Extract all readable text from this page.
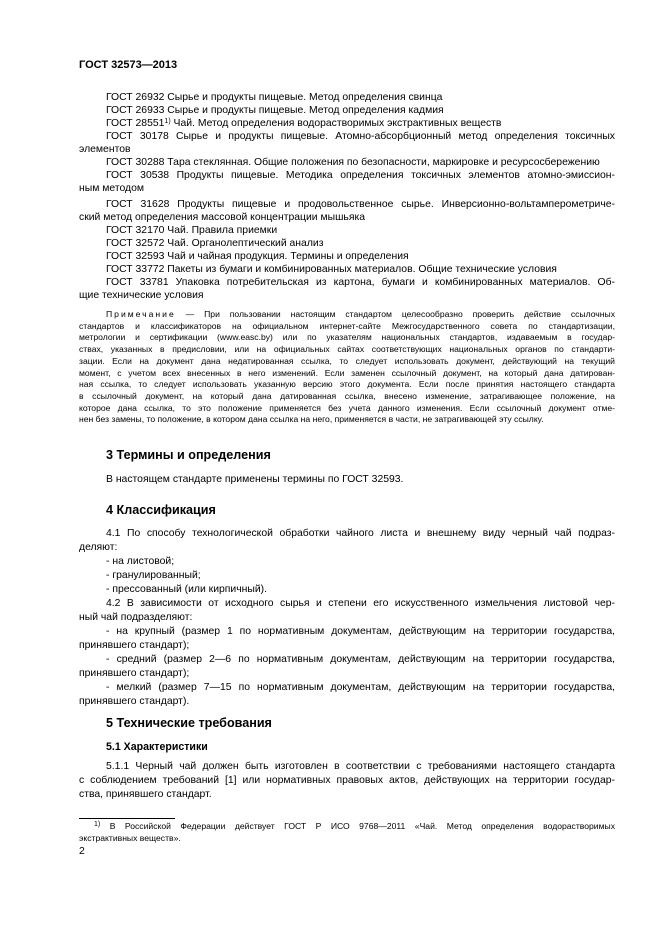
ГОСТ 32573—2013
ГОСТ 26932 Сырье и продукты пищевые. Метод определения свинца
ГОСТ 26933 Сырье и продукты пищевые. Метод определения кадмия
ГОСТ 28551$^{1)}$ Чай. Метод определения водорастворимых экстрактивных веществ
ГОСТ 30178 Сырье и продукты пищевые. Атомно-абсорбционный метод определения токсичных
элементов
ГОСТ 30288 Тара стеклянная. Общие положения по безопасности, маркировке и ресурсосбережению
ГОСТ 30538 Продукты пищевые. Методика определения токсичных элементов атомно-эмиссион-
ным методом
ГОСТ 31628 Продукты пищевые и продовольственное сырье. Инверсионно-вольтамперометриче-
ский метод определения массовой концентрации мышьяка
ГОСТ 32170 Чай. Правила приемки
ГОСТ 32572 Чай. Органолептический анализ
ГОСТ 32593 Чай и чайная продукция. Термины и определения
ГОСТ 33772 Пакеты из бумаги и комбинированных материалов. Общие технические условия
ГОСТ 33781 Упаковка потребительская из картона, бумаги и комбинированных материалов. Об-
щие технические условия
Примечание — При пользовании настоящим стандартом целесообразно проверить действие ссылочных
стандартов и классификаторов на официальном интернет-сайте Межгосударственного совета по стандартизации,
метрологии и сертификации (www.easc.by) или по указателям национальных стандартов, издаваемым в государ-
ствах, указанных в предисловии, или на официальных сайтах соответствующих национальных органов по стандарти-
зации. Если на документ дана недатированная ссылка, то следует использовать документ, действующий на текущий
момент, с учетом всех внесенных в него изменений. Если заменен ссылочный документ, на который дана датирован-
ная ссылка, то следует использовать указанную версию этого документа. Если после принятия настоящего стандарта
в ссылочный документ, на который дана датированная ссылка, внесено изменение, затрагивающее положение, на
которое дана ссылка, то это положение применяется без учета данного изменения. Если ссылочный документ отме-
нен без замены, то положение, в котором дана ссылка на него, применяется в части, не затрагивающей эту ссылку.
3 Термины и определения
В настоящем стандарте применены термины по ГОСТ 32593.
4 Классификация
4.1 По способу технологической обработки чайного листа и внешнему виду черный чай подраз-
деляют:
- на листовой;
- гранулированный;
- прессованный (или кирпичный).
4.2 В зависимости от исходного сырья и степени его искусственного измельчения листовой чер-
ный чай подразделяют:
- на крупный (размер 1 по нормативным документам, действующим на территории государства,
принявшего стандарт);
- средний (размер 2—6 по нормативным документам, действующим на территории государства,
принявшего стандарт);
- мелкий (размер 7—15 по нормативным документам, действующим на территории государства,
принявшего стандарт).
5 Технические требования
5.1 Характеристики
5.1.1 Черный чай должен быть изготовлен в соответствии с требованиями настоящего стандарта
с соблюдением требований [1] или нормативных правовых актов, действующих на территории государ-
ства, принявшего стандарт.
$^{1)}$ В Российской Федерации действует ГОСТ Р ИСО 9768—2011 «Чай. Метод определения водорастворимых
экстрактивных веществ».
2
